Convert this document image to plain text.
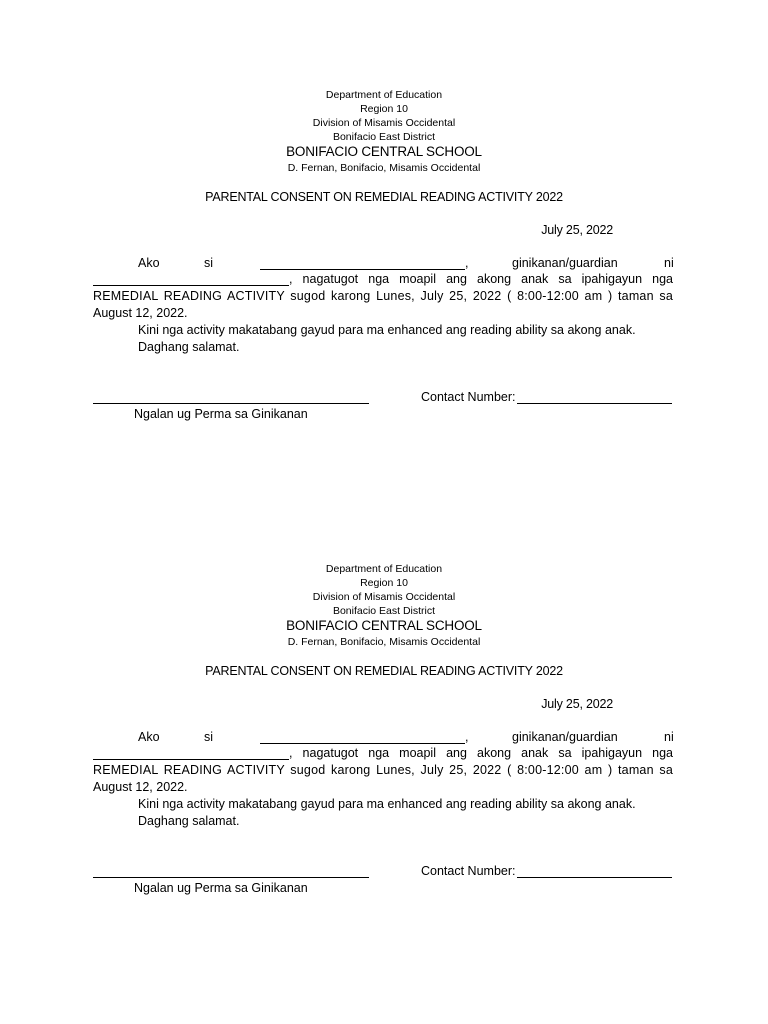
Department of Education
Region 10
Division of Misamis Occidental
Bonifacio East District
BONIFACIO CENTRAL SCHOOL
D. Fernan, Bonifacio, Misamis Occidental
PARENTAL CONSENT ON REMEDIAL READING ACTIVITY 2022
July 25, 2022
Ako	si	,	ginikanan/guardian	ni
, nagatugot nga moapil ang akong anak sa ipahigayun nga
REMEDIAL READING ACTIVITY sugod karong Lunes, July 25, 2022 ( 8:00-12:00 am ) taman sa
August 12, 2022.
Kini nga activity makatabang gayud para ma enhanced ang reading ability sa akong anak.
Daghang salamat.
Contact Number:
Ngalan ug Perma sa Ginikanan
Department of Education
Region 10
Division of Misamis Occidental
Bonifacio East District
BONIFACIO CENTRAL SCHOOL
D. Fernan, Bonifacio, Misamis Occidental
PARENTAL CONSENT ON REMEDIAL READING ACTIVITY 2022
July 25, 2022
Ako	si	,	ginikanan/guardian	ni
, nagatugot nga moapil ang akong anak sa ipahigayun nga
REMEDIAL READING ACTIVITY sugod karong Lunes, July 25, 2022 ( 8:00-12:00 am ) taman sa
August 12, 2022.
Kini nga activity makatabang gayud para ma enhanced ang reading ability sa akong anak.
Daghang salamat.
Contact Number:
Ngalan ug Perma sa Ginikanan
